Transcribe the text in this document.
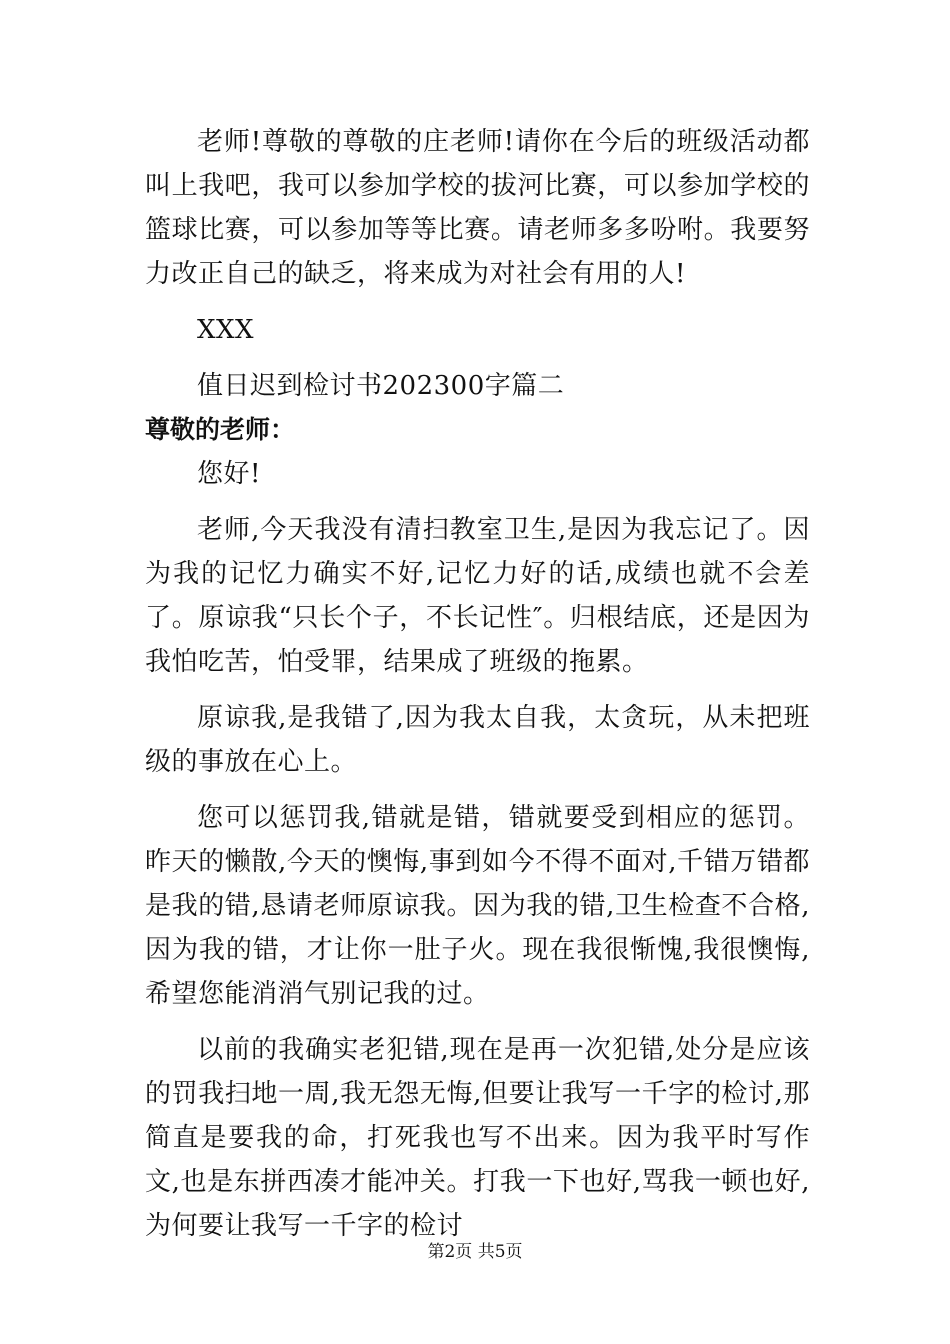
老师!尊敬的尊敬的庄老师!请你在今后的班级活动都叫上我吧，我可以参加学校的拔河比赛，可以参加学校的篮球比赛，可以参加等等比赛。请老师多多吩咐。我要努力改正自己的缺乏，将来成为对社会有用的人!

XXX

值日迟到检讨书202300字篇二

尊敬的老师：

您好!

老师,今天我没有清扫教室卫生,是因为我忘记了。因为我的记忆力确实不好,记忆力好的话,成绩也就不会差了。原谅我“只长个子，不长记性″。归根结底，还是因为我怕吃苦，怕受罪，结果成了班级的拖累。

原谅我,是我错了,因为我太自我，太贪玩，从未把班级的事放在心上。

您可以惩罚我,错就是错，错就要受到相应的惩罚。昨天的懒散,今天的懊悔,事到如今不得不面对,千错万错都是我的错,恳请老师原谅我。因为我的错,卫生检查不合格,因为我的错，才让你一肚子火。现在我很惭愧,我很懊悔,希望您能消消气别记我的过。

以前的我确实老犯错,现在是再一次犯错,处分是应该的罚我扫地一周,我无怨无悔,但要让我写一千字的检讨,那简直是要我的命，打死我也写不出来。因为我平时写作文,也是东拼西凑才能冲关。打我一下也好,骂我一顿也好,为何要让我写一千字的检讨

第2页 共5页
